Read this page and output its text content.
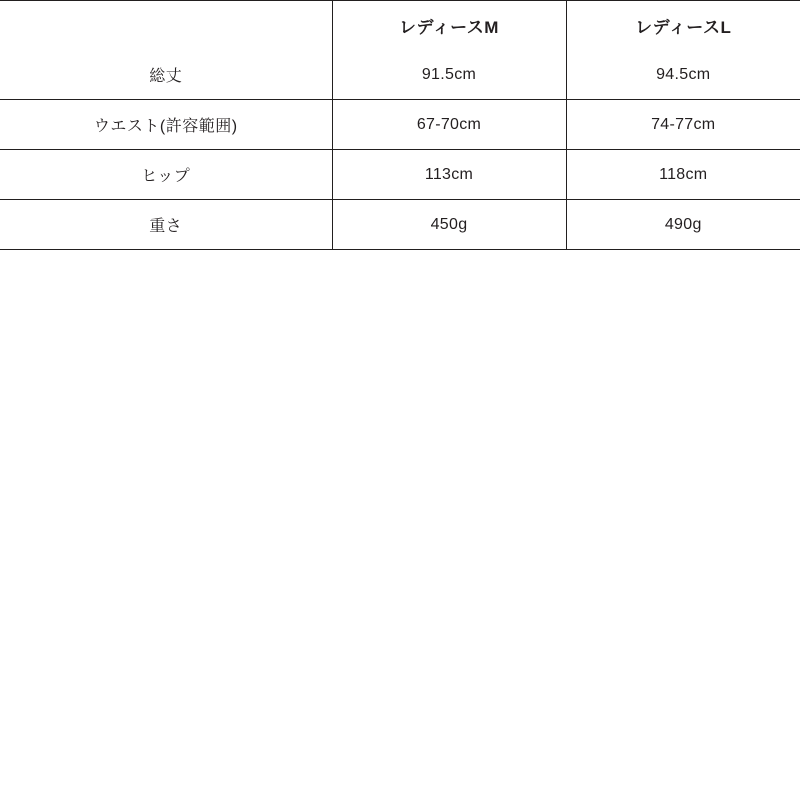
	レディースM	レディースL
総丈	91.5cm	94.5cm
ウエスト(許容範囲)	67-70cm	74-77cm
ヒップ	113cm	118cm
重さ	450g	490g
